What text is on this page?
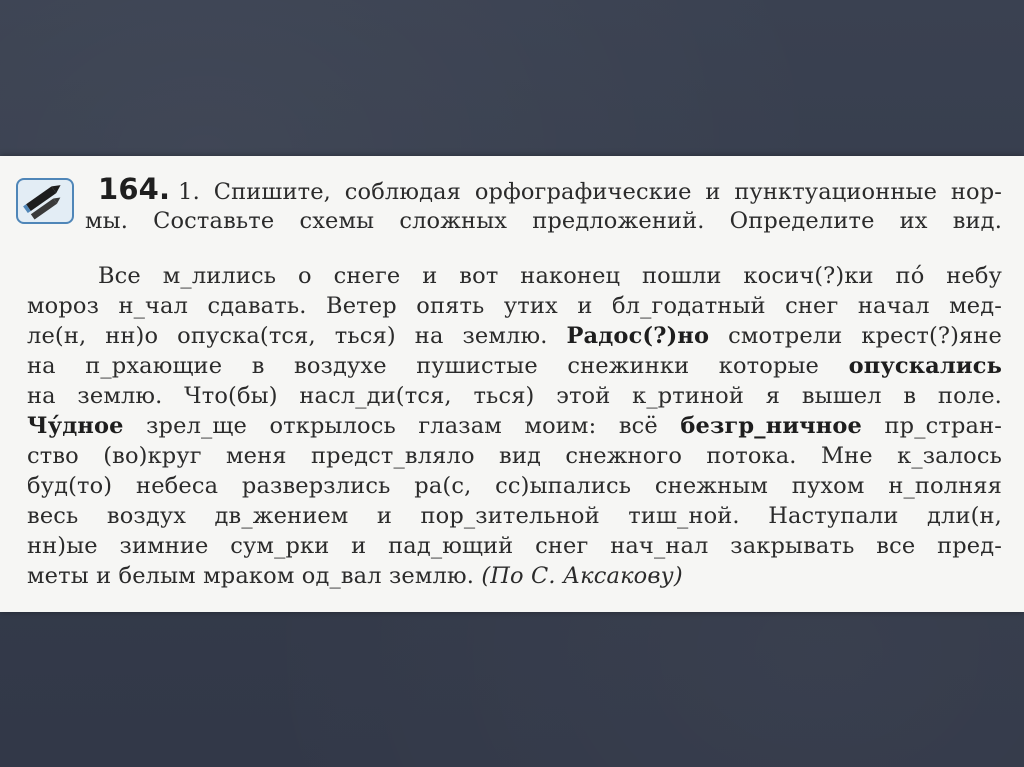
164. 1. Спишите, соблюдая орфографические и пунктуационные нор-
мы. Составьте схемы сложных предложений. Определите их вид.
Все м_лились о снеге и вот наконец пошли косич(?)ки по́ небу
мороз н_чал сдавать. Ветер опять утих и бл_годатный снег начал мед-
ле(н, нн)о опуска(тся, ться) на землю. Радос(?)но смотрели крест(?)яне
на п_рхающие в воздухе пушистые снежинки которые опускались
на землю. Что(бы) насл_ди(тся, ться) этой к_ртиной я вышел в поле.
Чу́дное зрел_ще открылось глазам моим: всё безгр_ничное пр_стран-
ство (во)круг меня предст_вляло вид снежного потока. Мне к_залось
буд(то) небеса разверзлись ра(с, сс)ыпались снежным пухом н_полняя
весь воздух дв_жением и пор_зительной тиш_ной. Наступали дли(н,
нн)ые зимние сум_рки и пад_ющий снег нач_нал закрывать все пред-
меты и белым мраком од_вал землю. (По С. Аксакову)
